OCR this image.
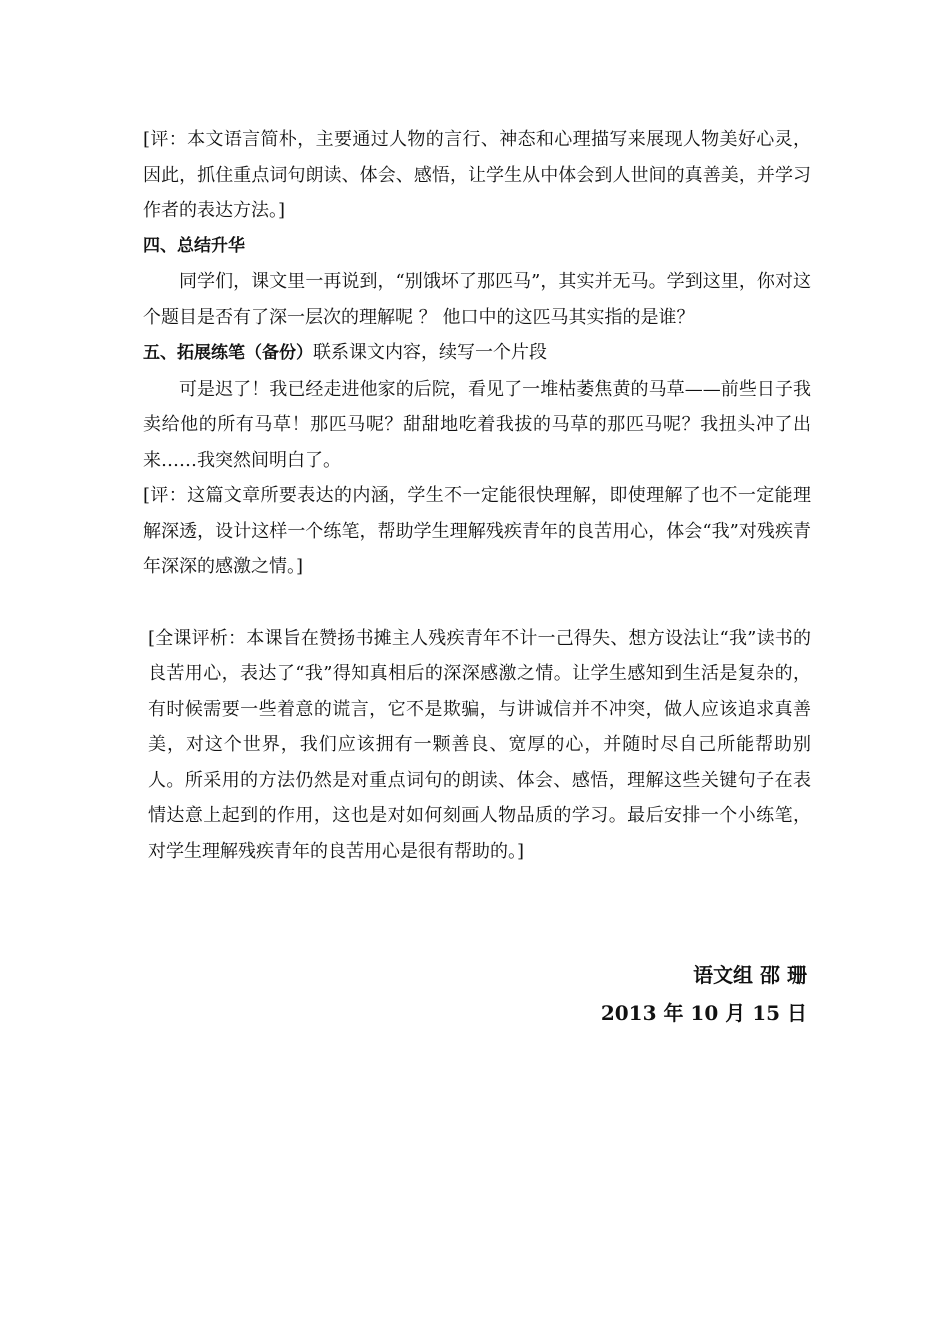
[评：本文语言简朴，主要通过人物的言行、神态和心理描写来展现人物美好心灵，因此，抓住重点词句朗读、体会、感悟，让学生从中体会到人世间的真善美，并学习作者的表达方法。]

四、总结升华

同学们，课文里一再说到，“别饿坏了那匹马”，其实并无马。学到这里，你对这个题目是否有了深一层次的理解呢 ？ 他口中的这匹马其实指的是谁？

五、拓展练笔（备份）联系课文内容，续写一个片段

可是迟了！我已经走进他家的后院，看见了一堆枯萎焦黄的马草——前些日子我卖给他的所有马草！那匹马呢？甜甜地吃着我拔的马草的那匹马呢？我扭头冲了出来……我突然间明白了。

[评：这篇文章所要表达的内涵，学生不一定能很快理解，即使理解了也不一定能理解深透，设计这样一个练笔，帮助学生理解残疾青年的良苦用心，体会“我”对残疾青年深深的感激之情。]

[全课评析：本课旨在赞扬书摊主人残疾青年不计一己得失、想方设法让“我”读书的良苦用心，表达了“我”得知真相后的深深感激之情。让学生感知到生活是复杂的，有时候需要一些着意的谎言，它不是欺骗，与讲诚信并不冲突，做人应该追求真善美，对这个世界，我们应该拥有一颗善良、宽厚的心，并随时尽自己所能帮助别人。所采用的方法仍然是对重点词句的朗读、体会、感悟，理解这些关键句子在表情达意上起到的作用，这也是对如何刻画人物品质的学习。最后安排一个小练笔，对学生理解残疾青年的良苦用心是很有帮助的。]

语文组 邵 珊
2013 年 10 月 15 日
